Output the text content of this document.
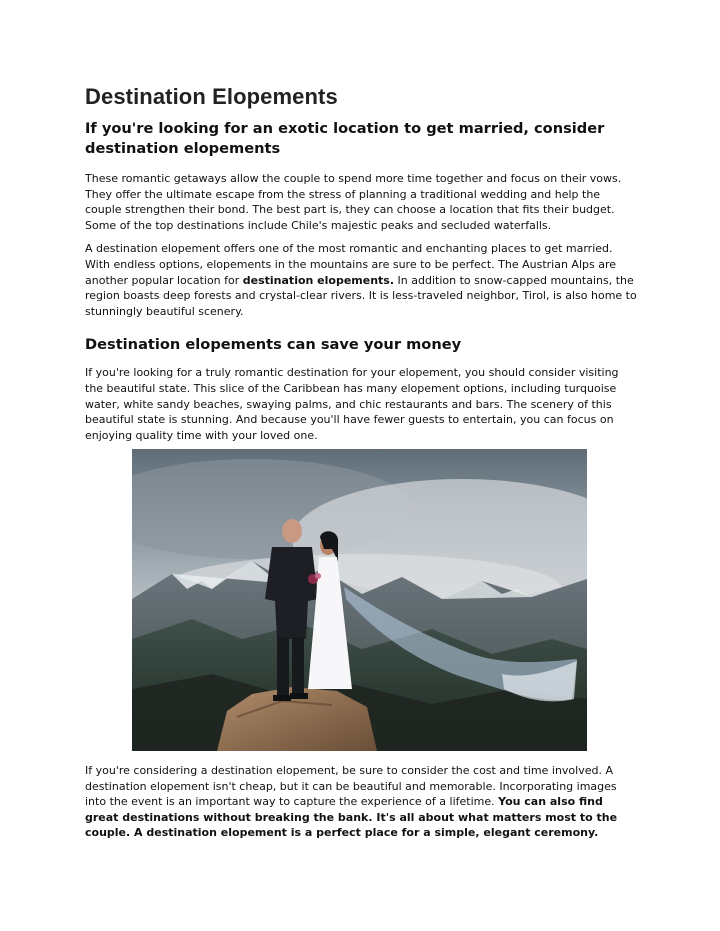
Destination Elopements
If you're looking for an exotic location to get married, consider destination elopements

These romantic getaways allow the couple to spend more time together and focus on their vows. They offer the ultimate escape from the stress of planning a traditional wedding and help the couple strengthen their bond. The best part is, they can choose a location that fits their budget. Some of the top destinations include Chile's majestic peaks and secluded waterfalls.

A destination elopement offers one of the most romantic and enchanting places to get married. With endless options, elopements in the mountains are sure to be perfect. The Austrian Alps are another popular location for destination elopements. In addition to snow-capped mountains, the region boasts deep forests and crystal-clear rivers. It is less-traveled neighbor, Tirol, is also home to stunningly beautiful scenery.

Destination elopements can save your money

If you're looking for a truly romantic destination for your elopement, you should consider visiting the beautiful state. This slice of the Caribbean has many elopement options, including turquoise water, white sandy beaches, swaying palms, and chic restaurants and bars. The scenery of this beautiful state is stunning. And because you'll have fewer guests to entertain, you can focus on enjoying quality time with your loved one.

If you're considering a destination elopement, be sure to consider the cost and time involved. A destination elopement isn't cheap, but it can be beautiful and memorable. Incorporating images into the event is an important way to capture the experience of a lifetime. You can also find great destinations without breaking the bank. It's all about what matters most to the couple. A destination elopement is a perfect place for a simple, elegant ceremony.
